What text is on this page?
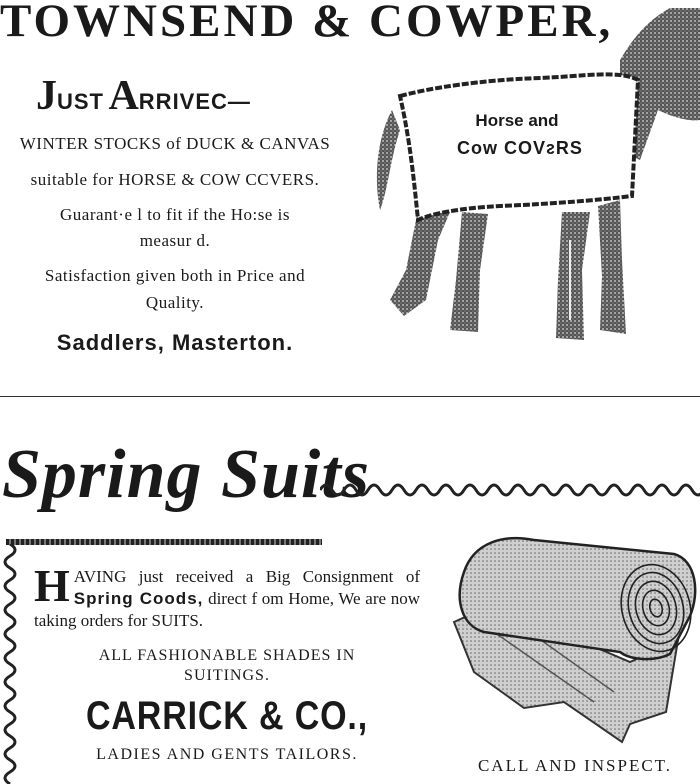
TOWNSEND & COWPER,
JUST ARRIVEC—
WINTER STOCKS of DUCK & CANVAS
suitable for HORSE & COW CCVERS.
Guarant·e l to fit if the Ho:se is
measur d.
Satisfaction given both in Price and
Quality.
Saddlers, Masterton.
Horse and
Cow COVᴤRS
Spring Suits
H AVING just received a Big Consignment of Spring Coods, direct f om Home, We are now taking orders for SUITS.
ALL FASHIONABLE SHADES IN
SUITINGS.
CARRICK & CO.,
LADIES AND GENTS TAILORS.
CALL AND INSPECT.
